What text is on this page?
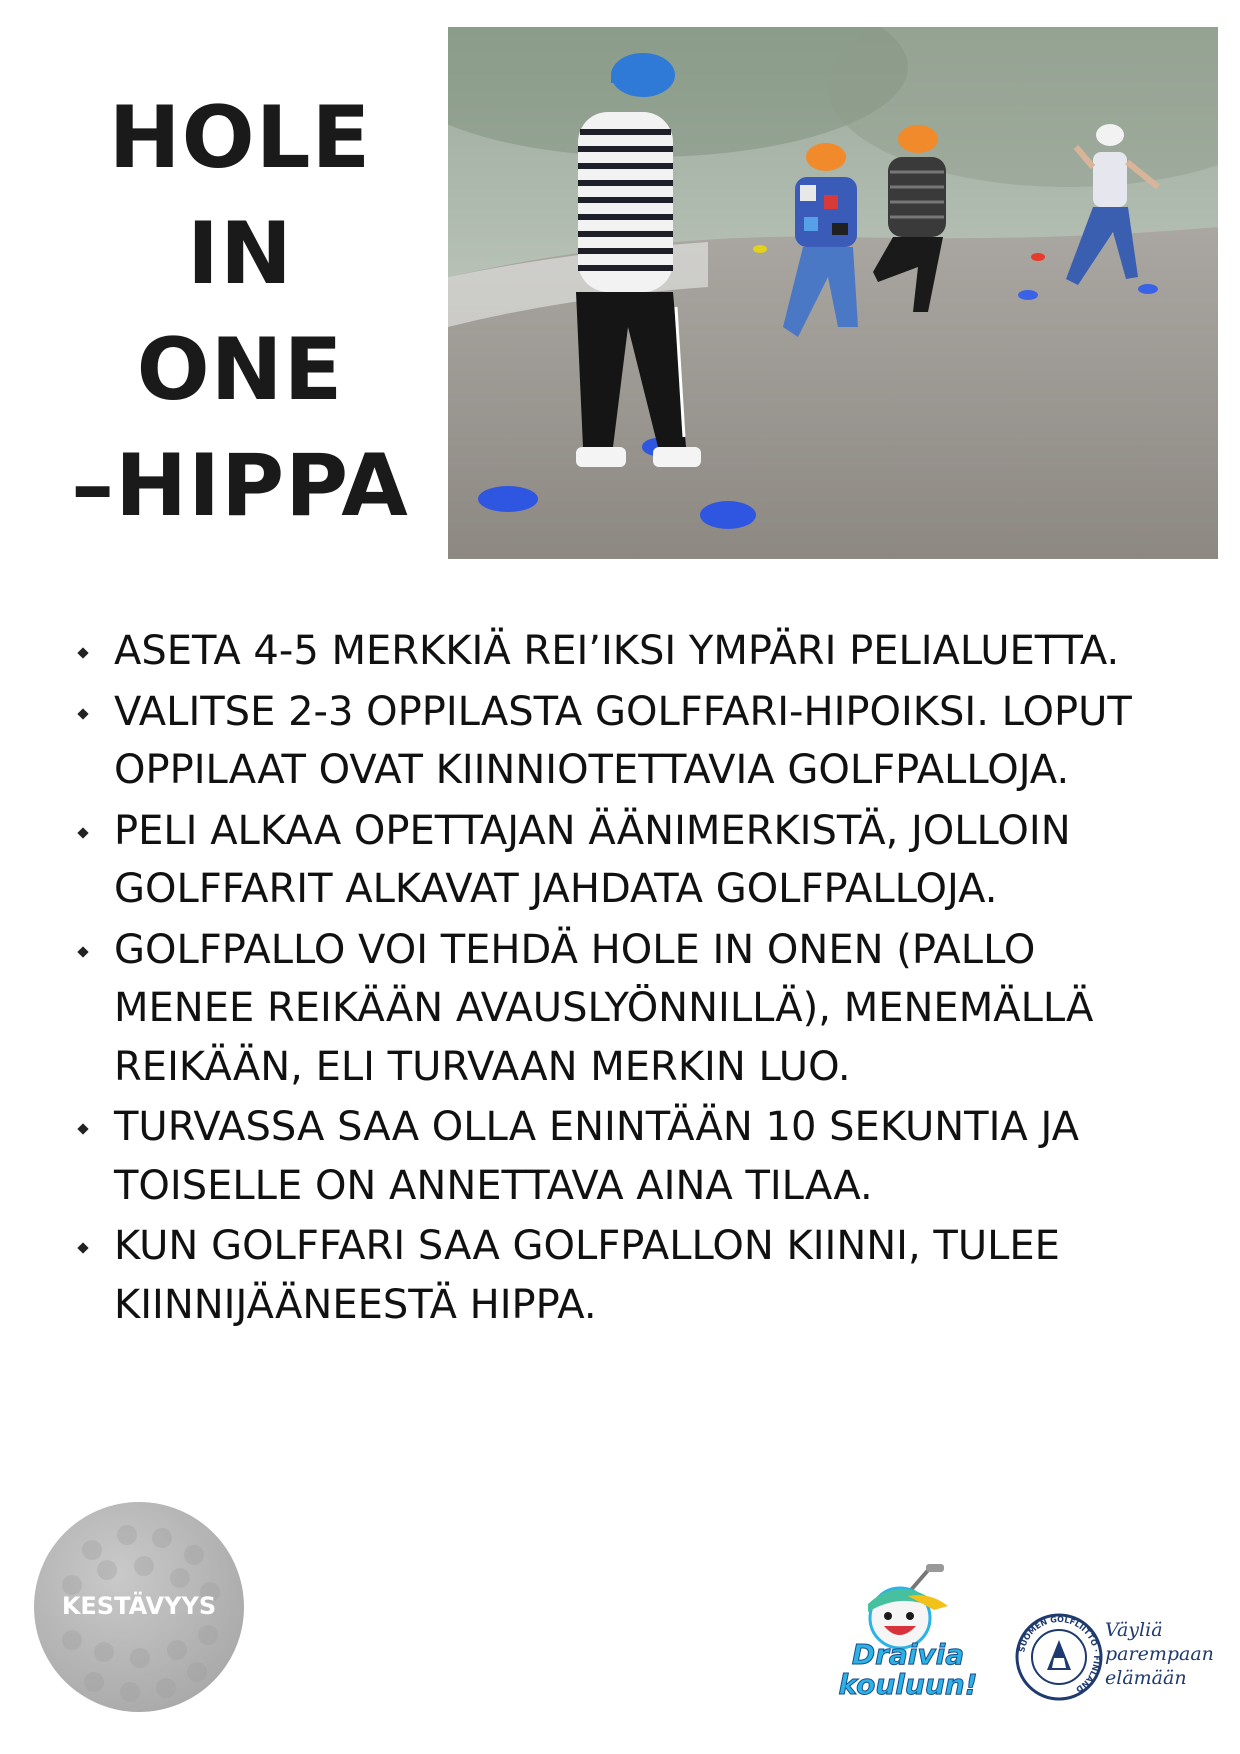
HOLE
IN
ONE
–HIPPA
ASETA 4-5 MERKKIÄ REI’IKSI YMPÄRI PELIALUETTA.
VALITSE 2-3 OPPILASTA GOLFFARI-HIPOIKSI. LOPUT OPPILAAT OVAT KIINNIOTETTAVIA GOLFPALLOJA.
PELI ALKAA OPETTAJAN ÄÄNIMERKISTÄ, JOLLOIN GOLFFARIT ALKAVAT JAHDATA GOLFPALLOJA.
GOLFPALLO VOI TEHDÄ HOLE IN ONEN (PALLO MENEE REIKÄÄN AVAUSLYÖNNILLÄ), MENEMÄLLÄ REIKÄÄN, ELI TURVAAN MERKIN LUO.
TURVASSA SAA OLLA ENINTÄÄN 10 SEKUNTIA JA TOISELLE ON ANNETTAVA AINA TILAA.
KUN GOLFFARI SAA GOLFPALLON KIINNI, TULEE KIINNIJÄÄNEESTÄ HIPPA.
KESTÄVYYS
Draivia
kouluun!
SUOMEN GOLFLIITTO · FINLAND
Väyliä
parempaan
elämään
